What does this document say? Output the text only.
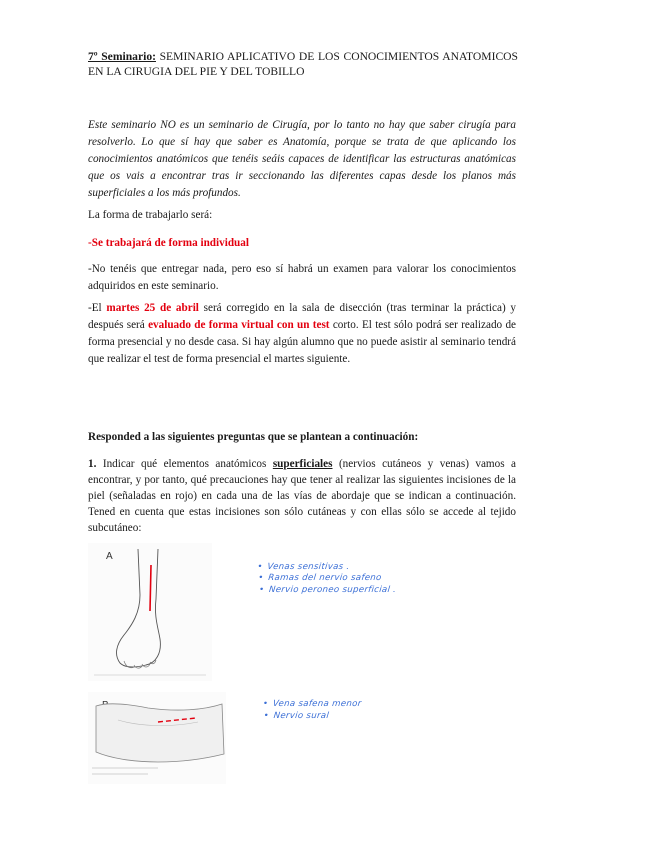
7º Seminario: SEMINARIO APLICATIVO DE LOS CONOCIMIENTOS ANATOMICOS EN LA CIRUGIA DEL PIE Y DEL TOBILLO
Este seminario NO es un seminario de Cirugía, por lo tanto no hay que saber cirugía para resolverlo. Lo que sí hay que saber es Anatomía, porque se trata de que aplicando los conocimientos anatómicos que tenéis seáis capaces de identificar las estructuras anatómicas que os vais a encontrar tras ir seccionando las diferentes capas desde los planos más superficiales a los más profundos.
La forma de trabajarlo será:
-Se trabajará de forma individual
-No tenéis que entregar nada, pero eso sí habrá un examen para valorar los conocimientos adquiridos en este seminario.
-El martes 25 de abril será corregido en la sala de disección (tras terminar la práctica) y después será evaluado de forma virtual con un test corto. El test sólo podrá ser realizado de forma presencial y no desde casa. Si hay algún alumno que no puede asistir al seminario tendrá que realizar el test de forma presencial el martes siguiente.
Responded a las siguientes preguntas que se plantean a continuación:
1. Indicar qué elementos anatómicos superficiales (nervios cutáneos y venas) vamos a encontrar, y por tanto, qué precauciones hay que tener al realizar las siguientes incisiones de la piel (señaladas en rojo) en cada una de las vías de abordaje que se indican a continuación. Tened en cuenta que estas incisiones son sólo cutáneas y con ellas sólo se accede al tejido subcutáneo:
A
• Venas sensitivas .
• Ramas del nervio safeno
• Nervio peroneo superficial .
• Vena safena menor
• Nervio sural
